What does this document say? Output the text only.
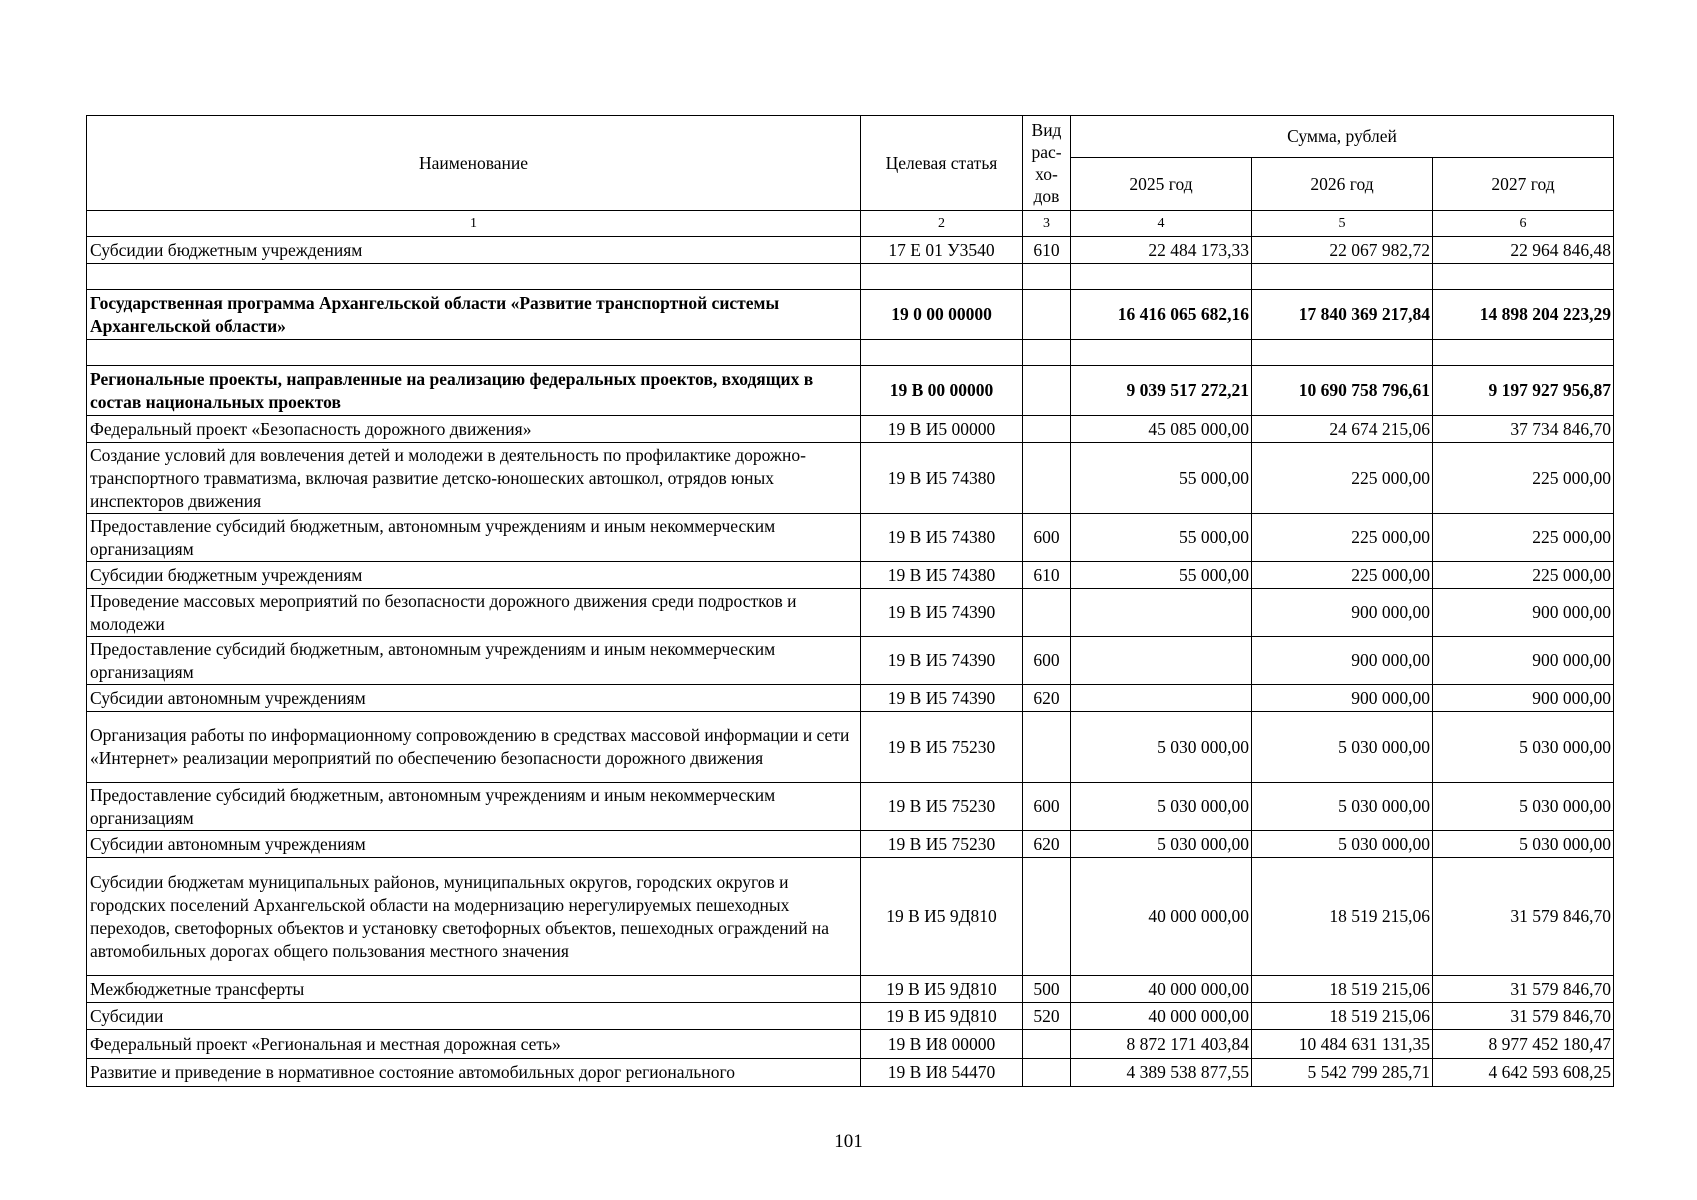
Наименование	Целевая статья	Вид рас-хо-дов	Сумма, рублей		
			2025 год	2026 год	2027 год
1	2	3	4	5	6
Субсидии бюджетным учреждениям	17 Е 01 У3540	610	22 484 173,33	22 067 982,72	22 964 846,48

Государственная программа Архангельской области «Развитие транспортной системы Архангельской области»	19 0 00 00000		16 416 065 682,16	17 840 369 217,84	14 898 204 223,29

Региональные проекты, направленные на реализацию федеральных проектов, входящих в состав национальных проектов	19 В 00 00000		9 039 517 272,21	10 690 758 796,61	9 197 927 956,87
Федеральный проект «Безопасность дорожного движения»	19 В И5 00000		45 085 000,00	24 674 215,06	37 734 846,70
Создание условий для вовлечения детей и молодежи в деятельность по профилактике дорожно-транспортного травматизма, включая развитие детско-юношеских автошкол, отрядов юных инспекторов движения	19 В И5 74380		55 000,00	225 000,00	225 000,00
Предоставление субсидий бюджетным, автономным учреждениям и иным некоммерческим организациям	19 В И5 74380	600	55 000,00	225 000,00	225 000,00
Субсидии бюджетным учреждениям	19 В И5 74380	610	55 000,00	225 000,00	225 000,00
Проведение массовых мероприятий по безопасности дорожного движения среди подростков и молодежи	19 В И5 74390			900 000,00	900 000,00
Предоставление субсидий бюджетным, автономным учреждениям и иным некоммерческим организациям	19 В И5 74390	600		900 000,00	900 000,00
Субсидии автономным учреждениям	19 В И5 74390	620		900 000,00	900 000,00
Организация работы по информационному сопровождению в средствах массовой информации и сети «Интернет» реализации мероприятий по обеспечению безопасности дорожного движения	19 В И5 75230		5 030 000,00	5 030 000,00	5 030 000,00
Предоставление субсидий бюджетным, автономным учреждениям и иным некоммерческим организациям	19 В И5 75230	600	5 030 000,00	5 030 000,00	5 030 000,00
Субсидии автономным учреждениям	19 В И5 75230	620	5 030 000,00	5 030 000,00	5 030 000,00
Субсидии бюджетам муниципальных районов, муниципальных округов, городских округов и городских поселений Архангельской области на модернизацию нерегулируемых пешеходных переходов, светофорных объектов и установку светофорных объектов, пешеходных ограждений на автомобильных дорогах общего пользования местного значения	19 В И5 9Д810		40 000 000,00	18 519 215,06	31 579 846,70
Межбюджетные трансферты	19 В И5 9Д810	500	40 000 000,00	18 519 215,06	31 579 846,70
Субсидии	19 В И5 9Д810	520	40 000 000,00	18 519 215,06	31 579 846,70
Федеральный проект «Региональная и местная дорожная сеть»	19 В И8 00000		8 872 171 403,84	10 484 631 131,35	8 977 452 180,47
Развитие и приведение в нормативное состояние автомобильных дорог регионального	19 В И8 54470		4 389 538 877,55	5 542 799 285,71	4 642 593 608,25
101
